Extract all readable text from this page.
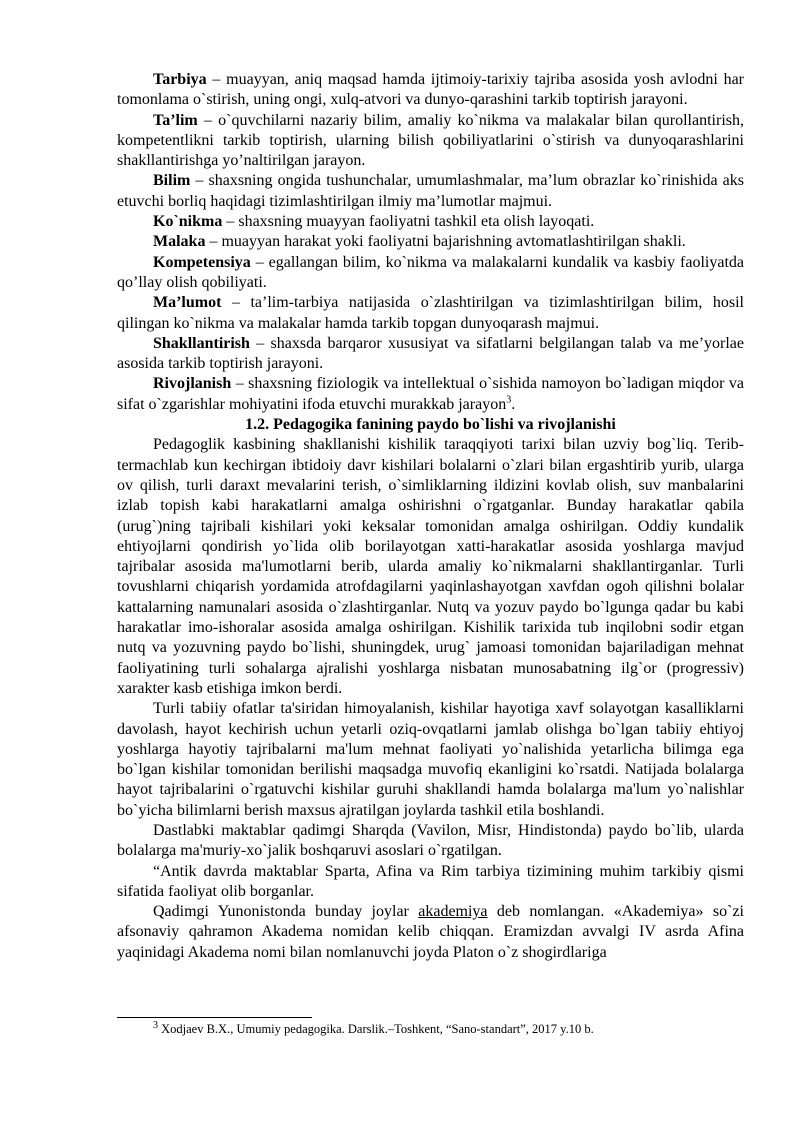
Tarbiya – muayyan, aniq maqsad hamda ijtimoiy-tarixiy tajriba asosida yosh avlodni har tomonlama o`stirish, uning ongi, xulq-atvori va dunyo-qarashini tarkib toptirish jarayoni.

Ta’lim – o`quvchilarni nazariy bilim, amaliy ko`nikma va malakalar bilan qurollantirish, kompetentlikni tarkib toptirish, ularning bilish qobiliyatlarini o`stirish va dunyoqarashlarini shakllantirishga yo’naltirilgan jarayon.

Bilim – shaxsning ongida tushunchalar, umumlashmalar, ma’lum obrazlar ko`rinishida aks etuvchi borliq haqidagi tizimlashtirilgan ilmiy ma’lumotlar majmui.

Ko`nikma – shaxsning muayyan faoliyatni tashkil eta olish layoqati.

Malaka – muayyan harakat yoki faoliyatni bajarishning avtomatlashtirilgan shakli.

Kompetensiya – egallangan bilim, ko`nikma va malakalarni kundalik va kasbiy faoliyatda qo’llay olish qobiliyati.

Ma’lumot – ta’lim-tarbiya natijasida o`zlashtirilgan va tizimlashtirilgan bilim, hosil qilingan ko`nikma va malakalar hamda tarkib topgan dunyoqarash majmui.

Shakllantirish – shaxsda barqaror xususiyat va sifatlarni belgilangan talab va me’yorlae asosida tarkib toptirish jarayoni.

Rivojlanish – shaxsning fiziologik va intellektual o`sishida namoyon bo`ladigan miqdor va sifat o`zgarishlar mohiyatini ifoda etuvchi murakkab jarayon$^3$.

1.2. Pedagogika fanining paydo bo`lishi va rivojlanishi

Pedagoglik kasbining shakllanishi kishilik taraqqiyoti tarixi bilan uzviy bog`liq. Terib-termachlab kun kechirgan ibtidoiy davr kishilari bolalarni o`zlari bilan ergashtirib yurib, ularga ov qilish, turli daraxt mevalarini terish, o`simliklarning ildizini kovlab olish, suv manbalarini izlab topish kabi harakatlarni amalga oshirishni o`rgatganlar. Bunday harakatlar qabila (urug`)ning tajribali kishilari yoki keksalar tomonidan amalga oshirilgan. Oddiy kundalik ehtiyojlarni qondirish yo`lida olib borilayotgan xatti-harakatlar asosida yoshlarga mavjud tajribalar asosida ma'lumotlarni berib, ularda amaliy ko`nikmalarni shakllantirganlar. Turli tovushlarni chiqarish yordamida atrofdagilarni yaqinlashayotgan xavfdan ogoh qilishni bolalar kattalarning namunalari asosida o`zlashtirganlar. Nutq va yozuv paydo bo`lgunga qadar bu kabi harakatlar imo-ishoralar asosida amalga oshirilgan. Kishilik tarixida tub inqilobni sodir etgan nutq va yozuvning paydo bo`lishi, shuningdek, urug` jamoasi tomonidan bajariladigan mehnat faoliyatining turli sohalarga ajralishi yoshlarga nisbatan munosabatning ilg`or (progressiv) xarakter kasb etishiga imkon berdi.

Turli tabiiy ofatlar ta'siridan himoyalanish, kishilar hayotiga xavf solayotgan kasalliklarni davolash, hayot kechirish uchun yetarli oziq-ovqatlarni jamlab olishga bo`lgan tabiiy ehtiyoj yoshlarga hayotiy tajribalarni ma'lum mehnat faoliyati yo`nalishida yetarlicha bilimga ega bo`lgan kishilar tomonidan berilishi maqsadga muvofiq ekanligini ko`rsatdi. Natijada bolalarga hayot tajribalarini o`rgatuvchi kishilar guruhi shakllandi hamda bolalarga ma'lum yo`nalishlar bo`yicha bilimlarni berish maxsus ajratilgan joylarda tashkil etila boshlandi.

Dastlabki maktablar qadimgi Sharqda (Vavilon, Misr, Hindistonda) paydo bo`lib, ularda bolalarga ma'muriy-xo`jalik boshqaruvi asoslari o`rgatilgan.

“Antik davrda maktablar Sparta, Afina va Rim tarbiya tizimining muhim tarkibiy qismi sifatida faoliyat olib borganlar.

Qadimgi Yunonistonda bunday joylar akademiya deb nomlangan. «Akademiya» so`zi afsonaviy qahramon Akadema nomidan kelib chiqqan. Eramizdan avvalgi IV asrda Afina yaqinidagi Akadema nomi bilan nomlanuvchi joyda Platon o`z shogirdlariga

$^3$ Xodjaev B.X., Umumiy pedagogika. Darslik.–Toshkent, “Sano-standart”, 2017 y.10 b.
